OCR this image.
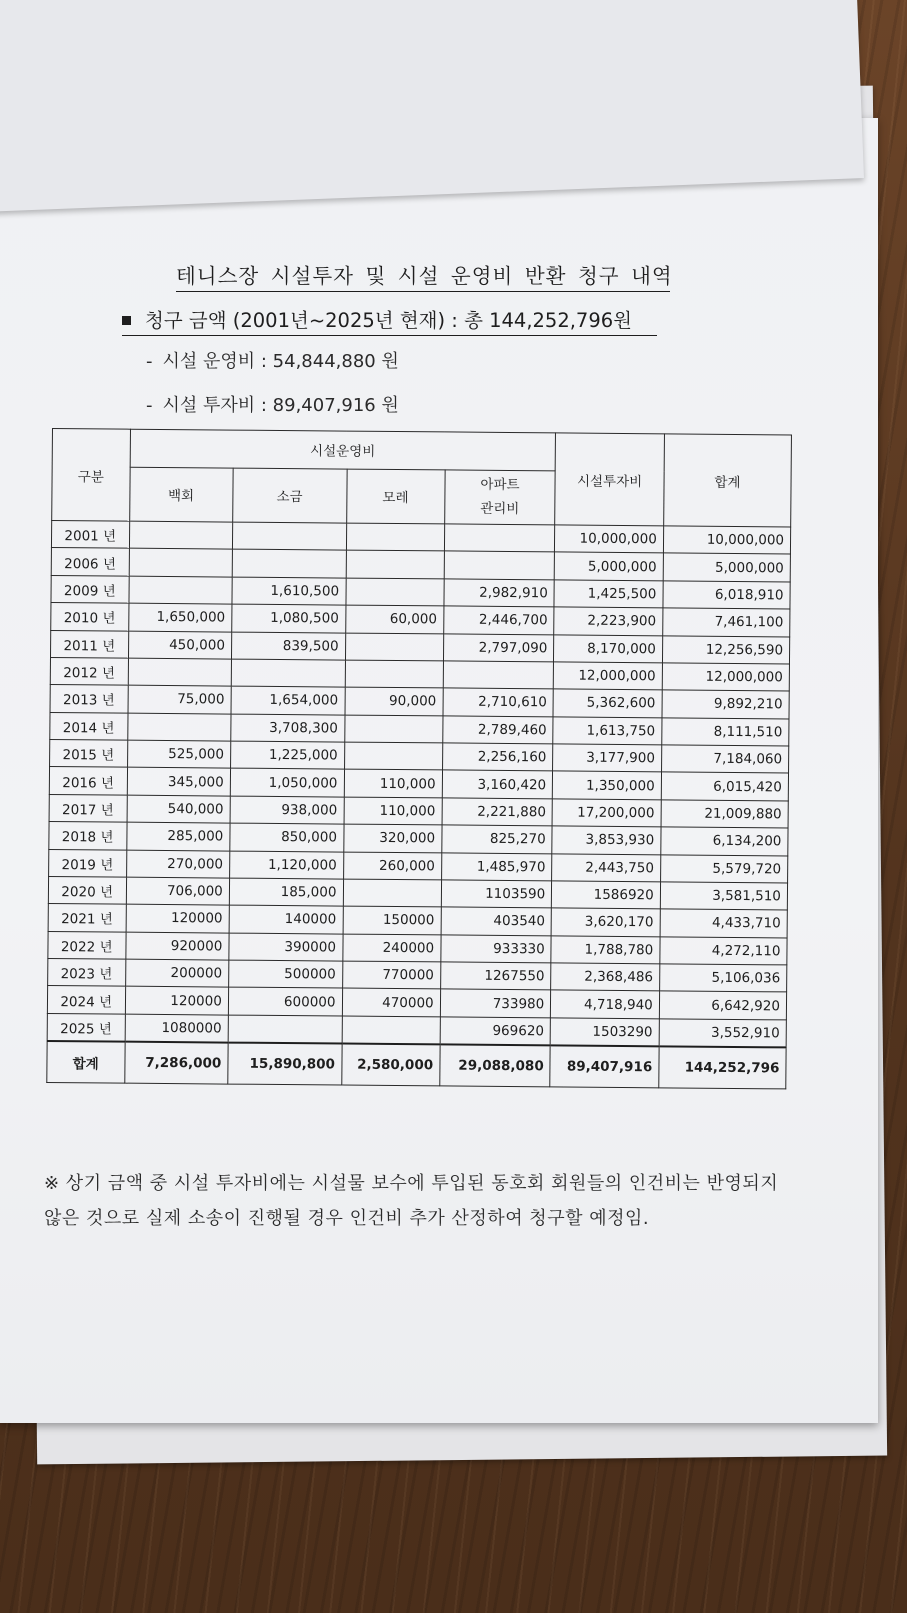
테니스장 시설투자 및 시설 운영비 반환 청구 내역
청구 금액 (2001년~2025년 현재) : 총 144,252,796원
- 시설 운영비 : 54,844,880 원
- 시설 투자비 : 89,407,916 원
구분	시설운영비				시설투자비	합계
	백회	소금	모레	아파트
관리비		

2001 년					10,000,000	10,000,000
2006 년					5,000,000	5,000,000
2009 년		1,610,500		2,982,910	1,425,500	6,018,910
2010 년	1,650,000	1,080,500	60,000	2,446,700	2,223,900	7,461,100
2011 년	450,000	839,500		2,797,090	8,170,000	12,256,590
2012 년					12,000,000	12,000,000
2013 년	75,000	1,654,000	90,000	2,710,610	5,362,600	9,892,210
2014 년		3,708,300		2,789,460	1,613,750	8,111,510
2015 년	525,000	1,225,000		2,256,160	3,177,900	7,184,060
2016 년	345,000	1,050,000	110,000	3,160,420	1,350,000	6,015,420
2017 년	540,000	938,000	110,000	2,221,880	17,200,000	21,009,880
2018 년	285,000	850,000	320,000	825,270	3,853,930	6,134,200
2019 년	270,000	1,120,000	260,000	1,485,970	2,443,750	5,579,720
2020 년	706,000	185,000		1103590	1586920	3,581,510
2021 년	120000	140000	150000	403540	3,620,170	4,433,710
2022 년	920000	390000	240000	933330	1,788,780	4,272,110
2023 년	200000	500000	770000	1267550	2,368,486	5,106,036
2024 년	120000	600000	470000	733980	4,718,940	6,642,920
2025 년	1080000			969620	1503290	3,552,910
합계	7,286,000	15,890,800	2,580,000	29,088,080	89,407,916	144,252,796
※ 상기 금액 중 시설 투자비에는 시설물 보수에 투입된 동호회 회원들의 인건비는 반영되지 않은 것으로 실제 소송이 진행될 경우 인건비 추가 산정하여 청구할 예정임.
